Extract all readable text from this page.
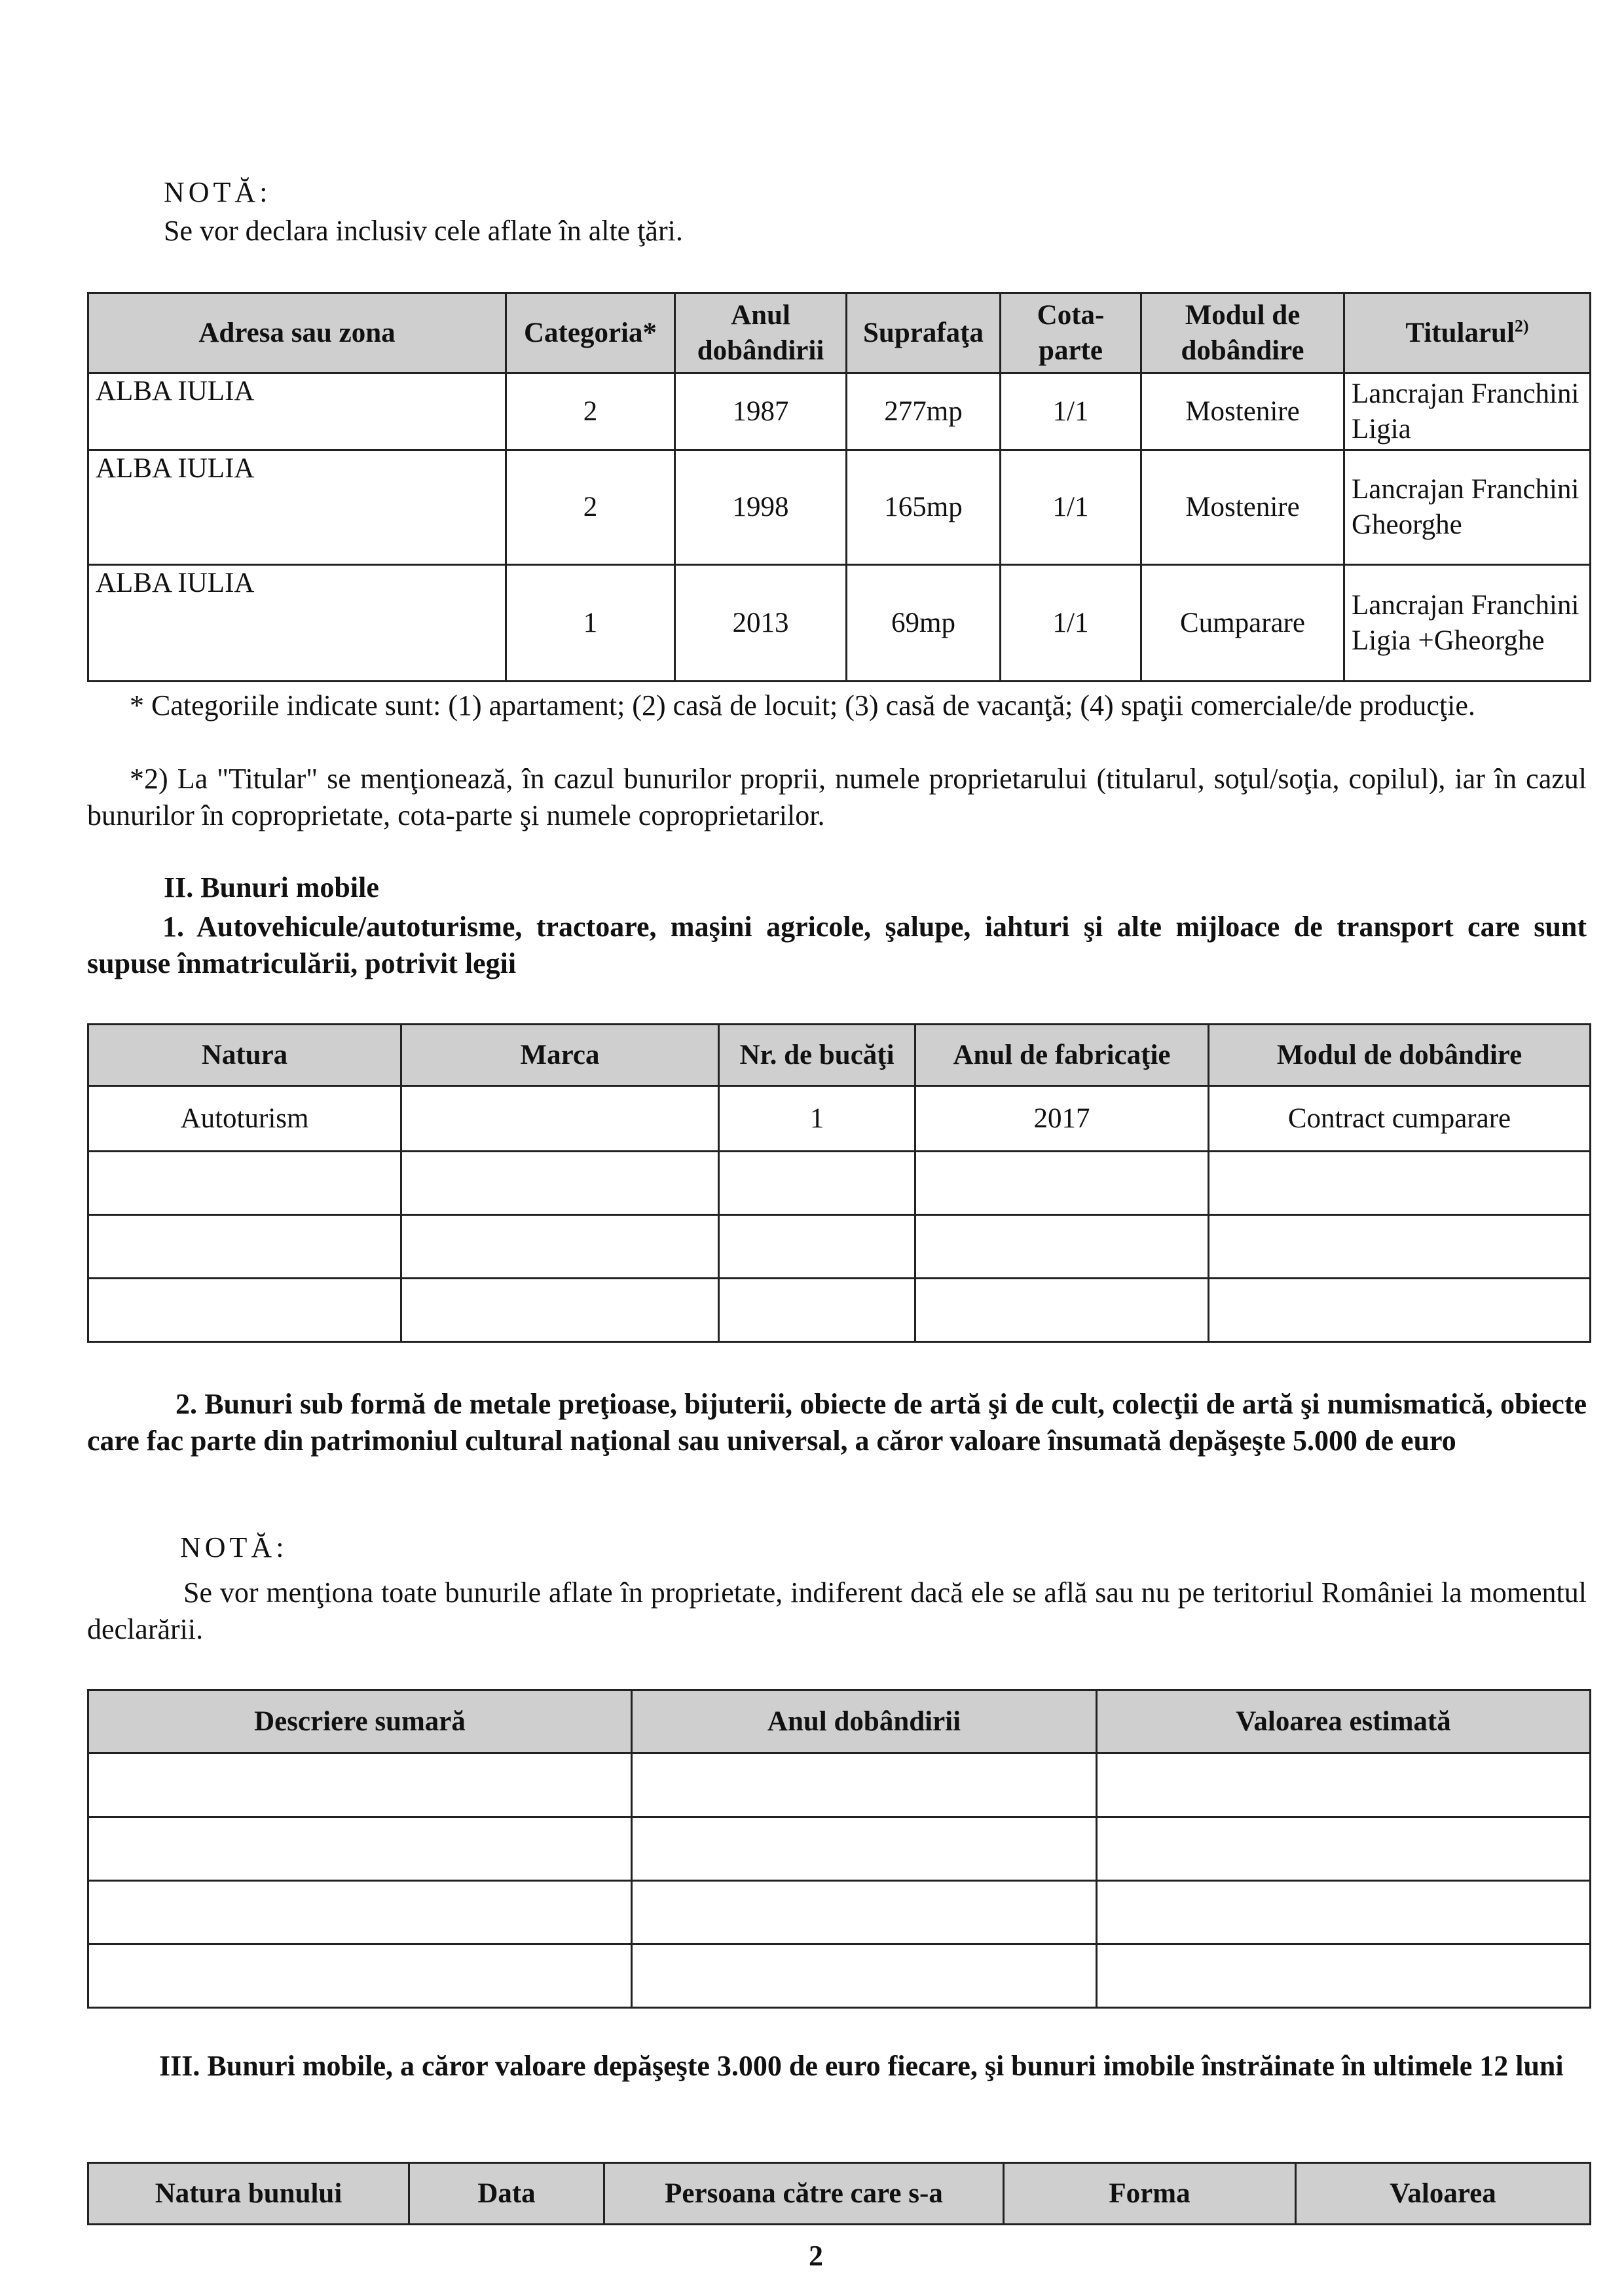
NOTĂ:
Se vor declara inclusiv cele aflate în alte ţări.
Adresa sau zona	Categoria*	Anul dobândirii	Suprafaţa	Cota-parte	Modul de dobândire	Titularul$^{2)}$
ALBA IULIA	2	1987	277mp	1/1	Mostenire	Lancrajan Franchini Ligia
ALBA IULIA	2	1998	165mp	1/1	Mostenire	Lancrajan Franchini Gheorghe
ALBA IULIA	1	2013	69mp	1/1	Cumparare	Lancrajan Franchini Ligia +Gheorghe
* Categoriile indicate sunt: (1) apartament; (2) casă de locuit; (3) casă de vacanţă; (4) spaţii comerciale/de producţie.
*2) La "Titular" se menţionează, în cazul bunurilor proprii, numele proprietarului (titularul, soţul/soţia, copilul), iar în cazul bunurilor în coproprietate, cota-parte şi numele coproprietarilor.
II. Bunuri mobile
1. Autovehicule/autoturisme, tractoare, maşini agricole, şalupe, iahturi şi alte mijloace de transport care sunt supuse înmatriculării, potrivit legii
Natura	Marca	Nr. de bucăţi	Anul de fabricaţie	Modul de dobândire
Autoturism		1	2017	Contract cumparare

2. Bunuri sub formă de metale preţioase, bijuterii, obiecte de artă şi de cult, colecţii de artă şi numismatică, obiecte care fac parte din patrimoniul cultural naţional sau universal, a căror valoare însumată depăşeşte 5.000 de euro
NOTĂ:
Se vor menţiona toate bunurile aflate în proprietate, indiferent dacă ele se află sau nu pe teritoriul României la momentul declarării.
Descriere sumară	Anul dobândirii	Valoarea estimată

III. Bunuri mobile, a căror valoare depăşeşte 3.000 de euro fiecare, şi bunuri imobile înstrăinate în ultimele 12 luni
Natura bunului	Data	Persoana către care s-a	Forma	Valoarea
2
